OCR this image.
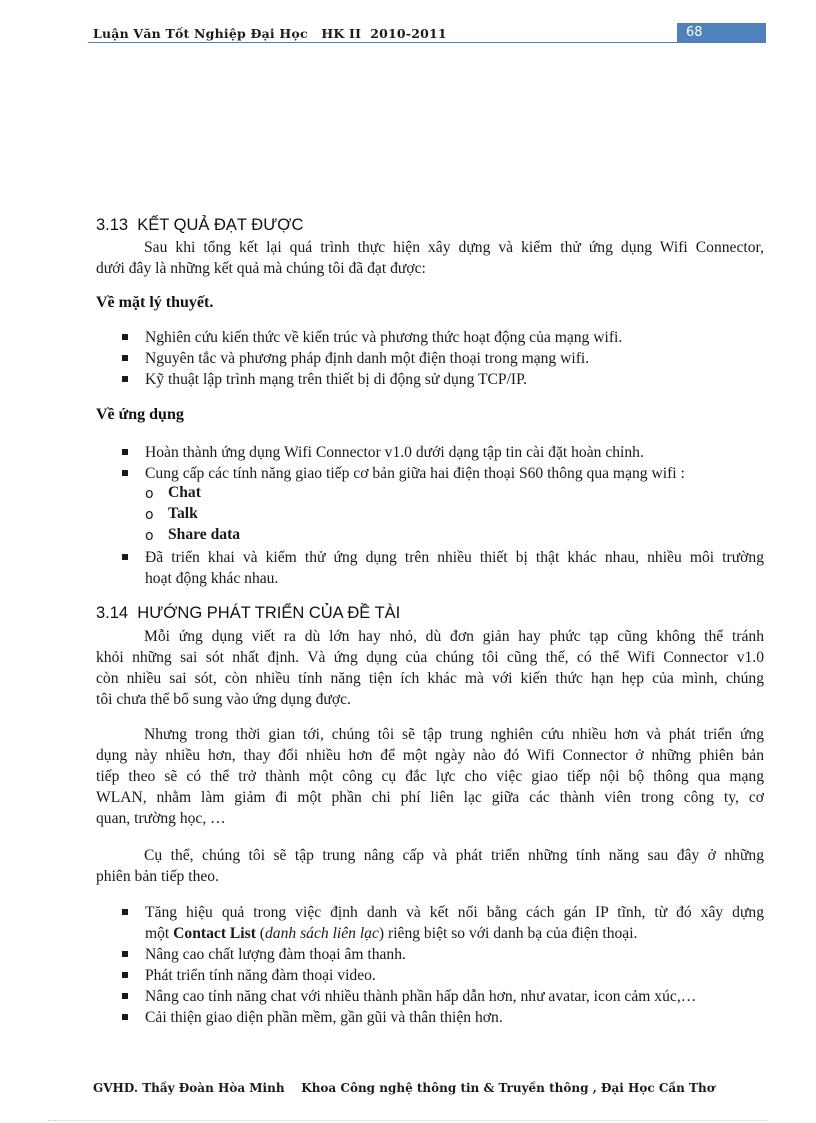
Luận Văn Tốt Nghiệp Đại Học   HK II  2010-2011	68
3.13  KẾT QUẢ ĐẠT ĐƯỢC
Sau khi tổng kết lại quá trình thực hiện xây dựng và kiểm thử ứng dụng Wifi Connector,
dưới đây là những kết quả mà chúng tôi đã đạt được:
Về mặt lý thuyết.
Nghiên cứu kiến thức về kiến trúc và phương thức hoạt động của mạng wifi.
Nguyên tắc và phương pháp định danh một điện thoại trong mạng wifi.
Kỹ thuật lập trình mạng trên thiết bị di động sử dụng TCP/IP.
Về ứng dụng
Hoàn thành ứng dụng Wifi Connector v1.0 dưới dạng tập tin cài đặt hoàn chỉnh.
Cung cấp các tính năng giao tiếp cơ bản giữa hai điện thoại S60 thông qua mạng wifi :
o Chat
o Talk
o Share data
Đã triển khai và kiểm thử ứng dụng trên nhiều thiết bị thật khác nhau, nhiều môi trường
hoạt động khác nhau.
3.14  HƯỚNG PHÁT TRIỂN CỦA ĐỀ TÀI
Mỗi ứng dụng viết ra dù lớn hay nhỏ, dù đơn giản hay phức tạp cũng không thể tránh
khỏi những sai sót nhất định. Và ứng dụng của chúng tôi cũng thế, có thể Wifi Connector v1.0
còn nhiều sai sót, còn nhiều tính năng tiện ích khác mà với kiến thức hạn hẹp của mình, chúng
tôi chưa thể bổ sung vào ứng dụng được.
Nhưng trong thời gian tới, chúng tôi sẽ tập trung nghiên cứu nhiều hơn và phát triển ứng
dụng này nhiều hơn, thay đổi nhiều hơn để một ngày nào đó Wifi Connector ở những phiên bản
tiếp theo sẽ có thể trở thành một công cụ đắc lực cho việc giao tiếp nội bộ thông qua mạng
WLAN, nhằm làm giảm đi một phần chi phí liên lạc giữa các thành viên trong công ty, cơ
quan, trường học, …
Cụ thể, chúng tôi sẽ tập trung nâng cấp và phát triển những tính năng sau đây ở những
phiên bản tiếp theo.
Tăng hiệu quả trong việc định danh và kết nối bằng cách gán IP tĩnh, từ đó xây dựng
một Contact List (danh sách liên lạc) riêng biệt so với danh bạ của điện thoại.
Nâng cao chất lượng đàm thoại âm thanh.
Phát triển tính năng đàm thoại video.
Nâng cao tính năng chat với nhiều thành phần hấp dẫn hơn, như avatar, icon cảm xúc,…
Cải thiện giao diện phần mềm, gần gũi và thân thiện hơn.
GVHD. Thầy Đoàn Hòa Minh    Khoa Công nghệ thông tin & Truyền thông , Đại Học Cần Thơ
